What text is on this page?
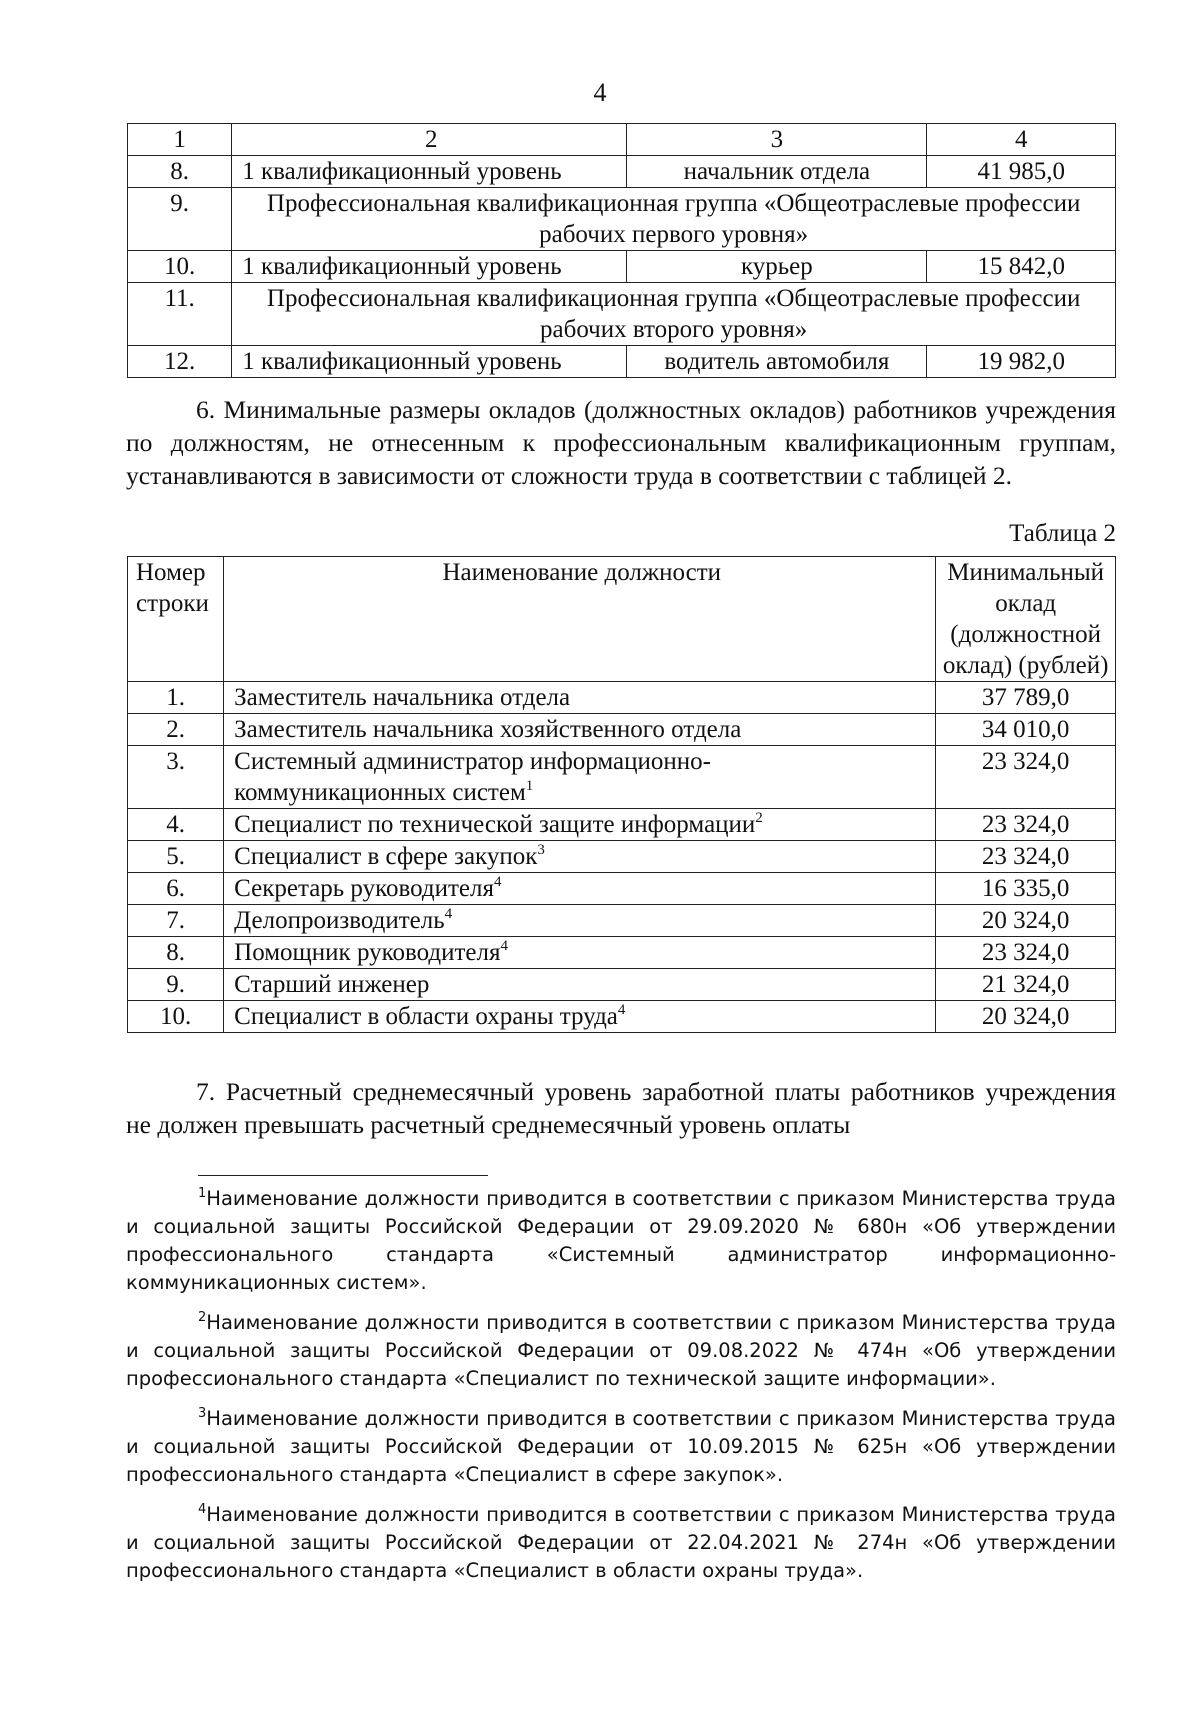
4
1	2	3	4
8.	1 квалификационный уровень	начальник отдела	41 985,0
9.	Профессиональная квалификационная группа «Общеотраслевые профессии рабочих первого уровня»		
10.	1 квалификационный уровень	курьер	15 842,0
11.	Профессиональная квалификационная группа «Общеотраслевые профессии рабочих второго уровня»		
12.	1 квалификационный уровень	водитель автомобиля	19 982,0
6. Минимальные размеры окладов (должностных окладов) работников учреждения по должностям, не отнесенным к профессиональным квалификационным группам, устанавливаются в зависимости от сложности труда в соответствии с таблицей 2.
Таблица 2
Номер строки	Наименование должности	Минимальный оклад (должностной оклад) (рублей)
1.	Заместитель начальника отдела	37 789,0
2.	Заместитель начальника хозяйственного отдела	34 010,0
3.	Системный администратор информационно-коммуникационных систем$^1$	23 324,0
4.	Специалист по технической защите информации$^2$	23 324,0
5.	Специалист в сфере закупок$^3$	23 324,0
6.	Секретарь руководителя$^4$	16 335,0
7.	Делопроизводитель$^4$	20 324,0
8.	Помощник руководителя$^4$	23 324,0
9.	Старший инженер	21 324,0
10.	Специалист в области охраны труда$^4$	20 324,0
7. Расчетный среднемесячный уровень заработной платы работников учреждения не должен превышать расчетный среднемесячный уровень оплаты

$^1$Наименование должности приводится в соответствии с приказом Министерства труда и социальной защиты Российской Федерации от 29.09.2020 № 680н «Об утверждении профессионального стандарта «Системный администратор информационно-коммуникационных систем».

$^2$Наименование должности приводится в соответствии с приказом Министерства труда и социальной защиты Российской Федерации от 09.08.2022 № 474н «Об утверждении профессионального стандарта «Специалист по технической защите информации».

$^3$Наименование должности приводится в соответствии с приказом Министерства труда и социальной защиты Российской Федерации от 10.09.2015 № 625н «Об утверждении профессионального стандарта «Специалист в сфере закупок».

$^4$Наименование должности приводится в соответствии с приказом Министерства труда и социальной защиты Российской Федерации от 22.04.2021 № 274н «Об утверждении профессионального стандарта «Специалист в области охраны труда».
